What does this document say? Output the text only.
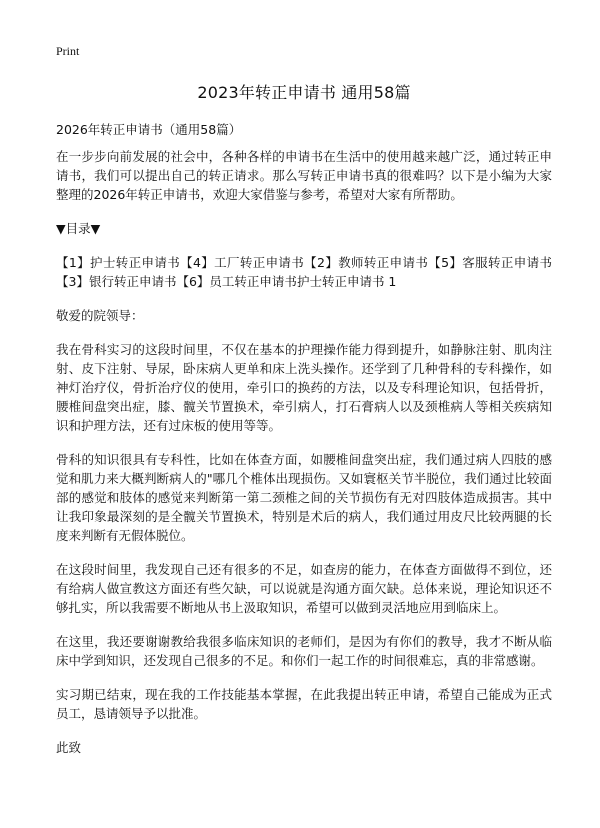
Print
2023年转正申请书 通用58篇
2026年转正申请书（通用58篇）

在一步步向前发展的社会中，各种各样的申请书在生活中的使用越来越广泛，通过转正申请书，我们可以提出自己的转正请求。那么写转正申请书真的很难吗？以下是小编为大家整理的2026年转正申请书，欢迎大家借鉴与参考，希望对大家有所帮助。

▼目录▼

【1】护士转正申请书【4】工厂转正申请书【2】教师转正申请书【5】客服转正申请书【3】银行转正申请书【6】员工转正申请书护士转正申请书 1

敬爱的院领导：

我在骨科实习的这段时间里，不仅在基本的护理操作能力得到提升，如静脉注射、肌肉注射、皮下注射、导尿，卧床病人更单和床上洗头操作。还学到了几种骨科的专科操作，如神灯治疗仪，骨折治疗仪的使用，牵引口的换药的方法，以及专科理论知识，包括骨折，腰椎间盘突出症，膝、髋关节置换术，牵引病人，打石膏病人以及颈椎病人等相关疾病知识和护理方法，还有过床板的使用等等。

骨科的知识很具有专科性，比如在体查方面，如腰椎间盘突出症，我们通过病人四肢的感觉和肌力来大概判断病人的"哪几个椎体出现损伤。又如寰枢关节半脱位，我们通过比较面部的感觉和肢体的感觉来判断第一第二颈椎之间的关节损伤有无对四肢体造成损害。其中让我印象最深刻的是全髋关节置换术，特别是术后的病人，我们通过用皮尺比较两腿的长度来判断有无假体脱位。

在这段时间里，我发现自己还有很多的不足，如查房的能力，在体查方面做得不到位，还有给病人做宣教这方面还有些欠缺，可以说就是沟通方面欠缺。总体来说，理论知识还不够扎实，所以我需要不断地从书上汲取知识，希望可以做到灵活地应用到临床上。

在这里，我还要谢谢教给我很多临床知识的老师们，是因为有你们的教导，我才不断从临床中学到知识，还发现自己很多的不足。和你们一起工作的时间很难忘，真的非常感谢。

实习期已结束，现在我的工作技能基本掌握，在此我提出转正申请，希望自己能成为正式员工，恳请领导予以批准。

此致
